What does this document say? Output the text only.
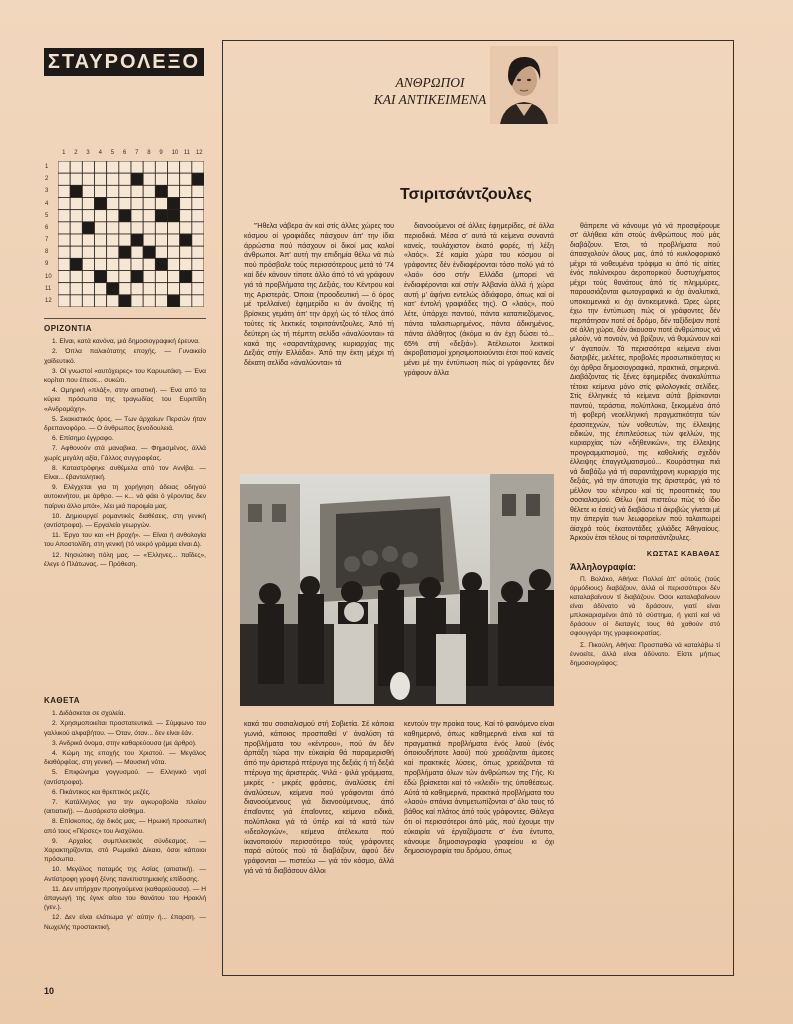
ΣΤΑΥΡΟΛΕΞΟ
1 2 3 4 5 6 7 8 9 10 11 12
1
2
3
4
5
6
7
8
9
10
11
12
ΟΡΙΖΟΝΤΙΑ

1. Είναι, κατά κανόνα, μιά δημοσιογραφική έρευνα.

2. Όπλα παλαιότατης εποχής. — Γυναικείο χαϊδευτικό.

3. Οί γνωστοί «αυτόχειρες» του Καρυωτάκη. — Ένα κορίτσι που έπεσε... συκώτι.

4. Ομηρική «πλάξ», στην αιτιατική. — Ένα από τα κύρια πρόσωπα της τραγωδίας του Ευριπίδη «Ανδρομάχη».

5. Σκακιστικός όρος. — Των άρχαίων Περσών ήταν δρεπανοφόρο. — Ο άνθρωπος ξενοδουλειά.

6. Επίσημο έγγραφο.

7. Αφθονούν στά μαναβικα. — Φημισμένος, άλλά χωρίς μεγάλη αξία, Γάλλος συγγραφέας.

8. Καταστρόφηκε συθέμελα από τον Αννίβα. — Είναι... έβανταλητική.

9. Ελέγχεται για τη χορήγηση άδειας οδηγού αυτοκινήτου, με άρθρο. — κ... νά φάει ό γέροντας δεν παίρνει άλλο μπόι», λέει μιά παροιμία μας.

10. Δημιουργεί ρομαντικές διαθέσεις, στη γενική (αντίστροφα). — Εργαλείο γεωργών.

11. Έργο του και «Η βροχή». — Είναι ή ανθολογία του Αποστολίδη, στη γενική (τό νεκρό γράμμα είναι Δ).

12. Νησιώτικη πόλη μας. — «Έλληνες... παΐδες», έλεγε ό Πλάτωνας. — Πρόθεση.

ΚΑΘΕΤΑ

1. Διδάσκεται σε σχολεία.

2. Χρησιμοποιείται προστατευτικά. — Σύμφωνο του γαλλικού αλφαβήτου. — Όταν, όταν... δεν είναι έάν.

3. Ανδρικό όνομα, στην καθαρεύουσα (με άρθρο).

4. Κώμη της εποχής του Χριστού. — Μεγάλος διαθόρφέας, στη γενική. — Μουσική νότα.

5. Επιφώνημα γογγυσμού. — Ελληνικό νησί (αντίστροφα).

6. Πικάντικος και θρεπτικός μεζές.

7. Κατάλληλος για την αγκυροβολία πλοίου (αιτιατική). — Δυσάρεστο αίσθημα.

8. Επίσκοπος, όχι δικός μας. — Ηρωική προσωπική από τους «Πέρσες» του Αισχύλου.

9. Αρχαίος συμπλεκτικός σύνδεσμος. — Χαρακτηρίζονται, στό Ρωμαϊκό Δίκαιο, όσοι κάποιοι πρόσωπα.

10. Μεγάλος ποταμός της Ασίας (αιτιατική). — Αντίστροφη γραφή ξένης πανεπιστημιακής επίδοσης.

11. Δεν υπήρχαν προηγούμενα (καθαρεύουσα). — Η άπαγωγή της έγινε αίτιο του θανάτου του Ηρακλή (γεν.).

12. Δεν είναι ελάτιωμα γι' αύτην ή... έπαρση. — Νωχελής προστακτική.

10
ΑΝΘΡΩΠΟΙ
ΚΑΙ ΑΝΤΙΚΕΙΜΕΝΑ
Τσιριτσάντζουλες

"Ήθελα νάβερα άν καί στίς άλλες χώρες του κόσμου οί γραφιάδες πάσχουν άπ' την ίδια άρρώστια πού πάσχουν οί δικοί μας καλοί άνθρωποι. Άπ' αυτή την επιδημία θέλω νά πώ πού πρόσβαλε τούς περισσότερους μετά τό '74 καί δέν κάνουν τίποτε άλλο άπό τό νά γράφουν γιά τά προβλήματα της Δεξιάς, του Κέντρου καί της Αριστεράς. Όποια (προοδευτική — ό όρος μέ τρελλαίνει) έφημερίδα κι άν άνοίξης τή βρίσκεις γεμάτη άπ' την άρχή ώς τό τέλος άπό τούτες τίς λεκτικές τσιριτσάντζουλες. Άπό τή δεύτερη ώς τή πέμπτη σελίδα «άναλύονται» τά κακά της «σαραντάχρονης κυριαρχίας της Δεξιάς στήν Ελλάδα». Άπό την έκτη μέχρι τή δέκατη σελίδα «άναλύονται» τά

διανοούμενοι σέ άλλες έφημερίδες, σέ άλλα περιοδικά. Μέσα σ' αυτά τά κείμενα συναντά κανείς, τουλάχιστον έκατό φορές, τή λέξη «λαός». Σέ καμία χώρα του κόσμου οί γράφοντες δέν ένδιαφέρονται τόσο πολύ γιά τό «λαό» όσο στήν Ελλάδα (μπορεί νά ένδιαφέρονται καί στήν Άλβανία άλλά ή χώρα αυτή μ' άφήνει εντελώς άδιάφορο, όπως καί οί κατ' έντολή γραφιάδες της). Ο «λαός», πού λέτε, ύπάρχει παντού, πάντα καταπιεζόμενος, πάντα ταλαιπωρημένος, πάντα άδικημένος, πάντα άλάθητος (άκόμα κι άν έχη δώσει τό... 65% στή «δεξιά»). Άτέλειωτοι λεκτικοί άκροβατισμοί χρησιμοποιούνται έτσι πού κανείς μένει μέ την έντύπωση πώς οί γράφοντες δέν γράφουν άλλα

θάπρεπε νά κάνουμε γιά νά προσφέρουμε στ' άλήθεια κάτι στούς άνθρώπους πού μάς διαβάζουν. Έτσι, τά προβλήματα πού άπασχολούν όλους μας, άπό τό κυκλοφοριακό μέχρι τά νοθευμένα τρόφιμα κι άπό τίς αίτίες ένός πολύνεκρου άεροπορικού δυστυχήματος μέχρι τούς θανάτους άπό τίς πλημμύρες, παρουσιάζονται φωτογραφικά κι όχι άναλυτικά, υποκειμενικά κι όχι άντικειμενικά. Ώρες ώρες έχω την έντύπωση πώς οί γράφοντες δέν περπάτησαν ποτέ σέ δρόμο, δέν ταξίδεψαν ποτέ σέ άλλη χώρα, δέν άκουσαν ποτέ άνθρώπους νά μιλούν, νά πονούν, νά βρίζουν, νά θυμώνουν καί ν' άγαπούν. Τά περισσότερα κείμενα είναι διατριβές, μελέτες, προβολές προσωπικότητας κι όχι άρθρα δημοσιογραφικά, πρακτικά, σημερινά. Διαβάζοντας τίς ξένες έφημερίδες άνακαλύπτω τέτοια κείμενα μόνο στίς φιλολογικές σελίδες. Στίς έλληνικές τά κείμενα αύτά βρίσκονται παντού, τεράστια, πολύπλοκα, ξεκομμένα άπό τή φοβερή νεοελληνική πραγματικότητα τών έρασιτεχνών, τών νοθευτών, της έλλειψης ειδικών, της έπιπλεύσεως τών φελλών, της κυριαρχίας τών «δήθενικών», της έλλειψης προγραμματισμού, της καθολικής σχεδόν έλλειψης έπαγγελματισμού... Κουράστηκα πιά νά διαβάζω γιά τή σαραντάχρονη κυριαρχία της δεξιάς, γιά την άποτυχία της άριστεράς, γιά τό μέλλον του κέντρου καί τίς προοπτικές του σοσιαλισμού. Θέλω (καί πιστεύω πώς τό ίδιο θέλετε κι έσείς) νά διαβάσω τί άκριβώς γίνεται μέ την άπεργία των λεωφορείων πού ταλαιπωρεί άίσχρά τούς έκατοντάδες χιλιάδες Άθηναίους. Άρκούν έτσι τέλους οί τσιριτσάντζουλες.

ΚΩΣΤΑΣ ΚΑΒΑΘΑΣ
Άλληλογραφία:

Π. Βολάκο, Αθήνα: Πολλοί άπ' αύτούς (τούς άρμόδιους) διαβάζουν, άλλά οί περισσότεροι δέν καταλαβαίνουν τί διαβάζουν. Όσοι καταλαβαίνουν είναι άδύνατο νά δράσουν, γιατί είναι μπλοκαρισμένοι άπό τό σύστημα, ή γιατί καί νά δράσουν οί διαταγές τους θά χαθούν στό σφουγγάρι της γραφειοκρατίας.

Σ. Πικούλη, Αθήνα: Προσπαθώ νά καταλάβω τί έννοείτε, άλλά είναι άδύνατο. Είστε μήπως δημοσιογράφος;

κακά του σοσιαλισμού στή Σοβιετία. Σέ κάποια γωνιά, κάποιος προσπαθεί ν' άναλύση τά προβλήματα του «κέντρου», πού άν δέν άρπάξη τώρα την εύκαιρία θά παραμερισθή άπό την άριστερά πτέρυγα της δεξιάς ή τή δεξιά πτέρυγα της άριστεράς. Ψιλά - ψιλά γράμματα, μικρές - μικρές φράσεις, άναλύσεις έπί άναλύσεων, κείμενα πού γράφονται άπό διανοούμενους γιά διανοούμενους, άπό έπαΐοντες γιά έπαΐοντες, κείμενα ειδικά, πολύπλοκα γιά τά ύπέρ καί τά κατά τών «ιδεολογιών», κείμενα άτέλειωτα πού ίκανοποιούν περισσότερο τούς γράφοντες παρά αύτούς πού τά διαβάζουν, άφού δέν γράφονται — πιστεύω — γιά τόν κόσμο, άλλά γιά νά τά διαβάσουν άλλοι

κεντούν την προίκα τους. Καί τό φαινόμενο είναι καθημερινό, όπως καθημερινά είναι καί τά πραγματικά προβλήματα ένός λαού (ένός όποιουδήποτε λαού) πού χρειάζονται άμεσες καί πρακτικές λύσεις, όπως χρειάζονται τά προβλήματα όλων τών άνθρώπων της Γής. Κι έδώ βρίσκεται καί τό «κλειδί» της ύποθέσεως. Αύτά τά καθημερινά, πρακτικά προβλήματα του «λαού» σπάνια άντιμετωπίζονται σ' όλο τους τό βάθος καί πλάτος άπό τούς γράφοντες. Θάλεγα ότι οί περισσότεροι άπό μάς, πού έχουμε την εύκαιρία νά έργαζόμαστε σ' ένα έντυπο, κάνουμε δημοσιογραφία γραφείου κι όχι δημοσιογραφία του δρόμου, όπως
